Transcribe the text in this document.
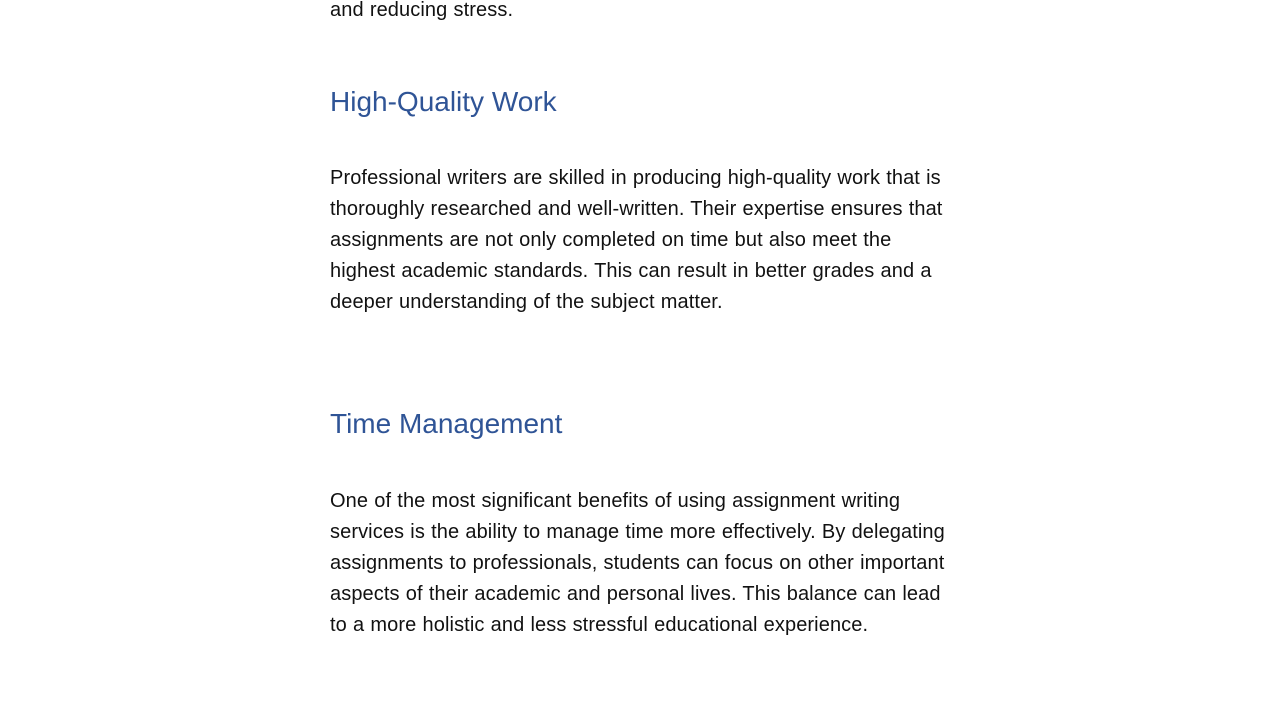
and reducing stress.

High-Quality Work

Professional writers are skilled in producing high-quality work that is thoroughly researched and well-written. Their expertise ensures that assignments are not only completed on time but also meet the highest academic standards. This can result in better grades and a deeper understanding of the subject matter.

Time Management

One of the most significant benefits of using assignment writing services is the ability to manage time more effectively. By delegating assignments to professionals, students can focus on other important aspects of their academic and personal lives. This balance can lead to a more holistic and less stressful educational experience.
